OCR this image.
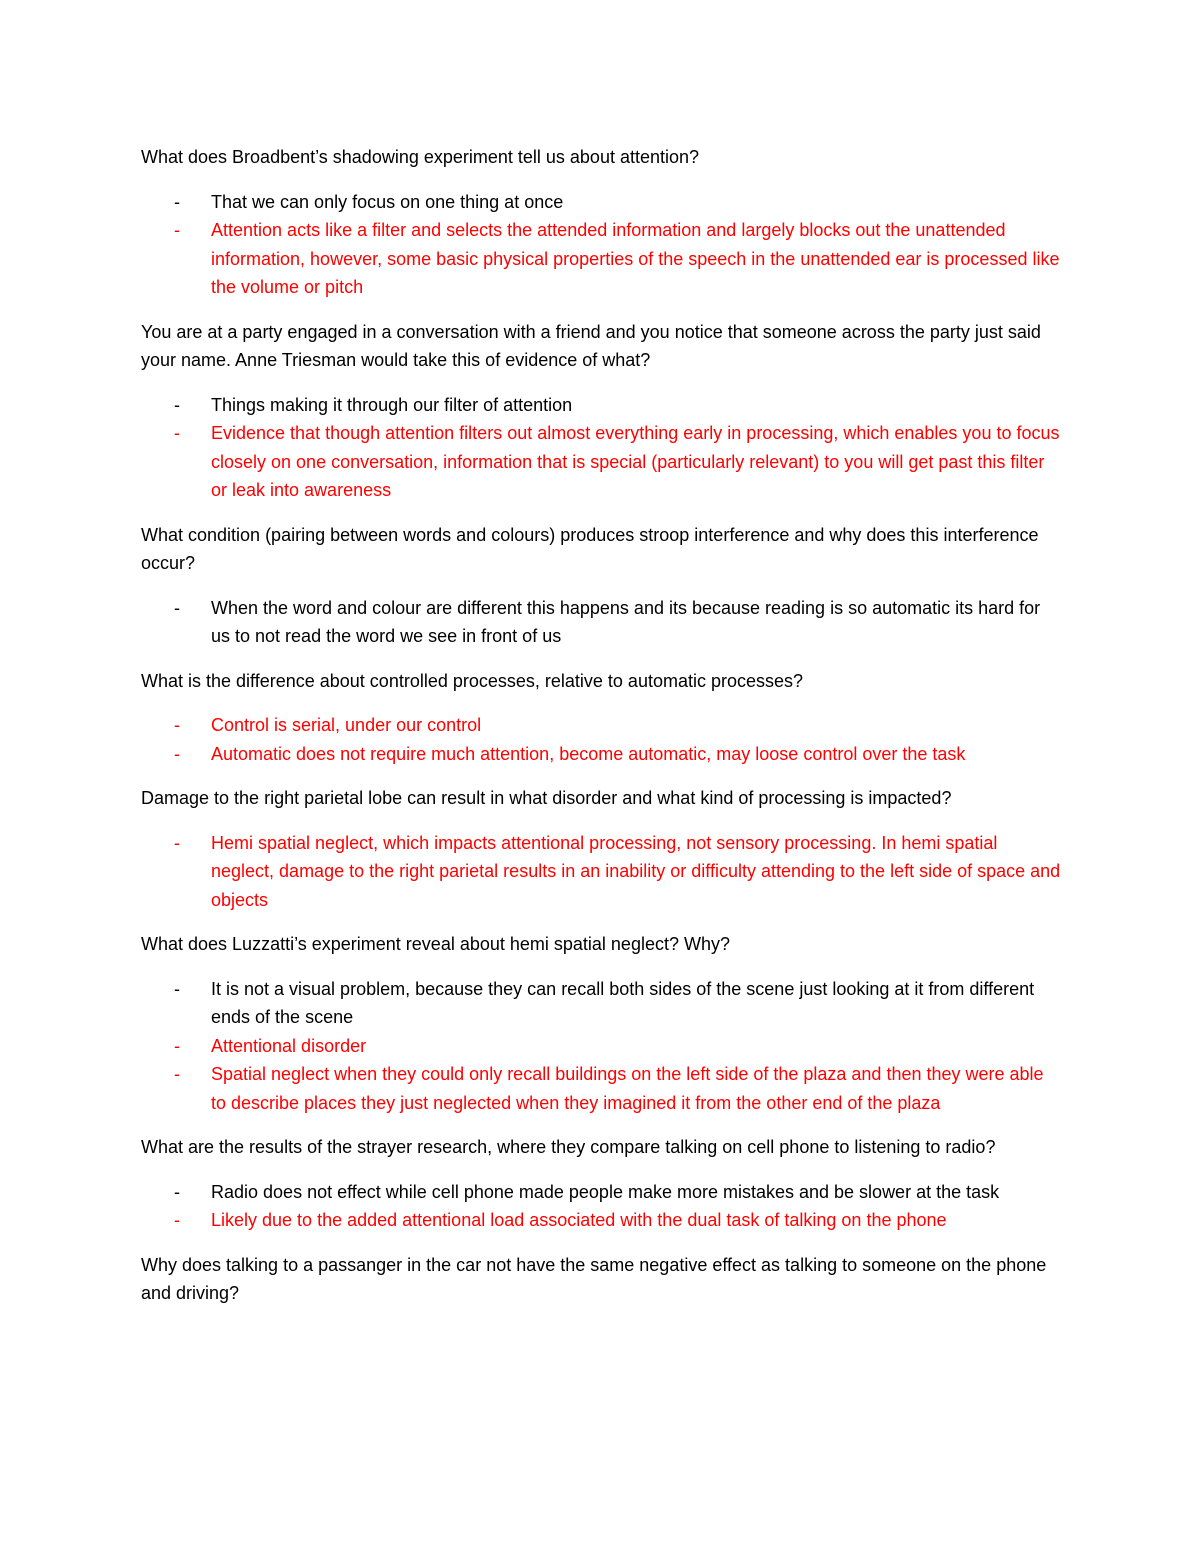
What does Broadbent’s shadowing experiment tell us about attention?

- That we can only focus on one thing at once
- Attention acts like a filter and selects the attended information and largely blocks out the unattended information, however, some basic physical properties of the speech in the unattended ear is processed like the volume or pitch

You are at a party engaged in a conversation with a friend and you notice that someone across the party just said your name. Anne Triesman would take this of evidence of what?

- Things making it through our filter of attention
- Evidence that though attention filters out almost everything early in processing, which enables you to focus closely on one conversation, information that is special (particularly relevant) to you will get past this filter or leak into awareness

What condition (pairing between words and colours) produces stroop interference and why does this interference occur?

- When the word and colour are different this happens and its because reading is so automatic its hard for us to not read the word we see in front of us

What is the difference about controlled processes, relative to automatic processes?

- Control is serial, under our control
- Automatic does not require much attention, become automatic, may loose control over the task

Damage to the right parietal lobe can result in what disorder and what kind of processing is impacted?

- Hemi spatial neglect, which impacts attentional processing, not sensory processing. In hemi spatial neglect, damage to the right parietal results in an inability or difficulty attending to the left side of space and objects

What does Luzzatti’s experiment reveal about hemi spatial neglect? Why?

- It is not a visual problem, because they can recall both sides of the scene just looking at it from different ends of the scene
- Attentional disorder
- Spatial neglect when they could only recall buildings on the left side of the plaza and then they were able to describe places they just neglected when they imagined it from the other end of the plaza

What are the results of the strayer research, where they compare talking on cell phone to listening to radio?

- Radio does not effect while cell phone made people make more mistakes and be slower at the task
- Likely due to the added attentional load associated with the dual task of talking on the phone

Why does talking to a passanger in the car not have the same negative effect as talking to someone on the phone and driving?
